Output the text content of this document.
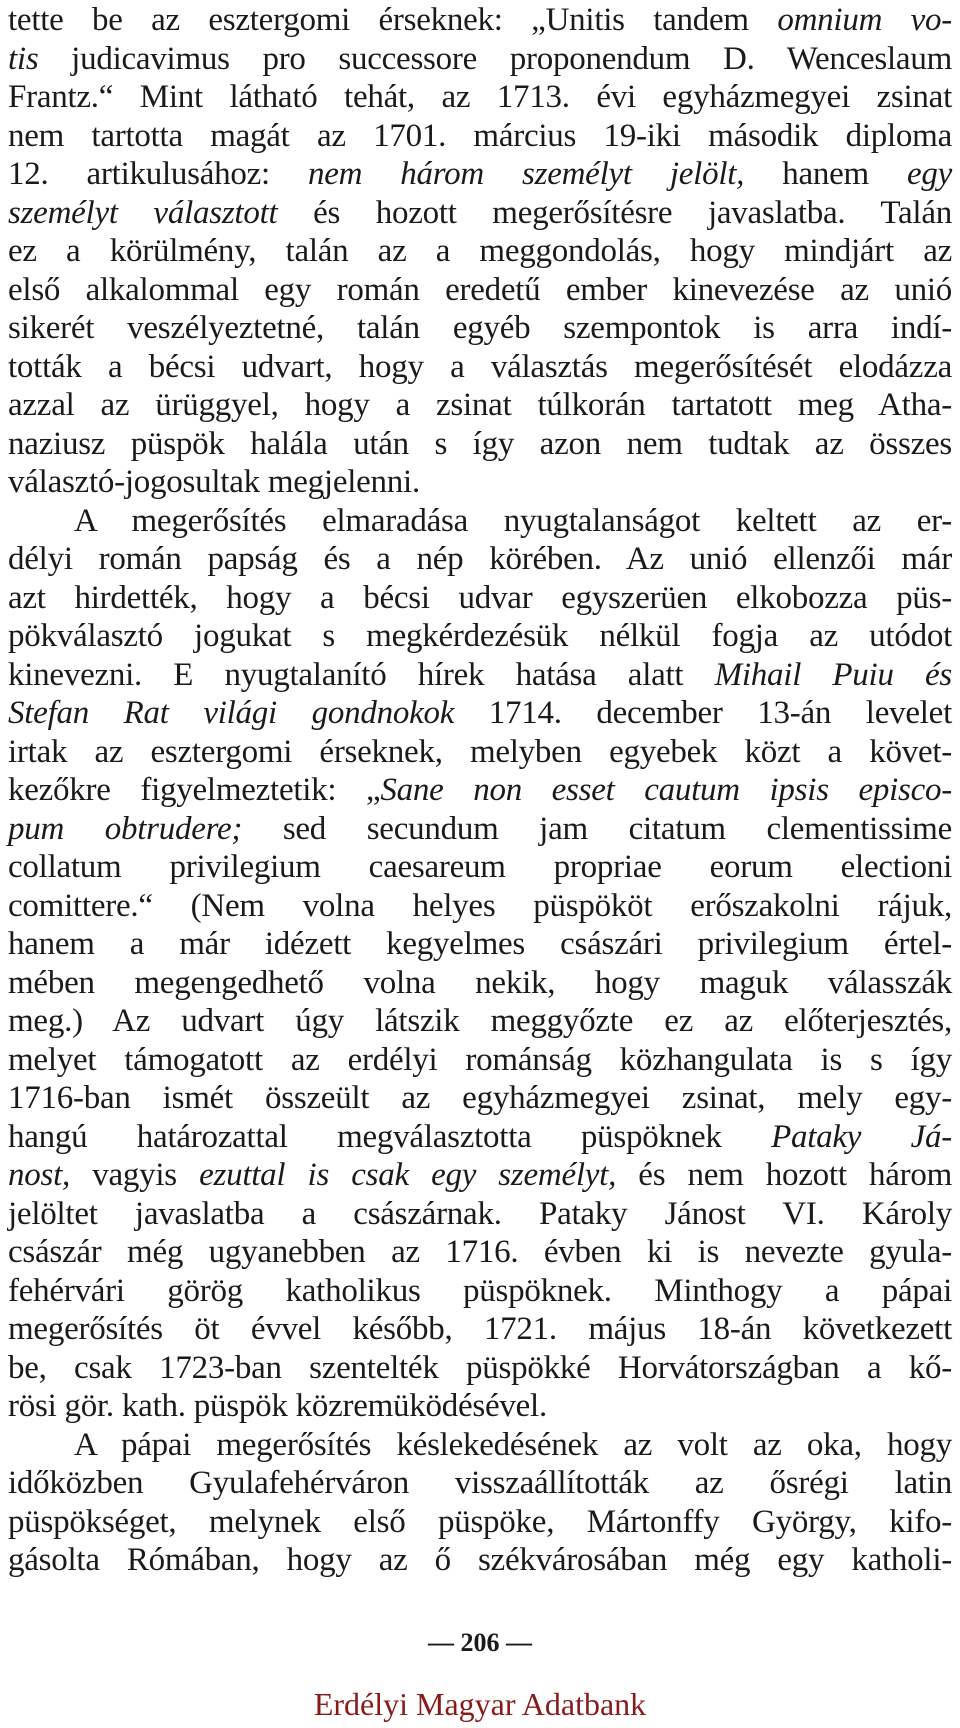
tette be az esztergomi érseknek: „Unitis tandem omnium vo-
tis judicavimus pro successore proponendum D. Wenceslaum
Frantz.“ Mint látható tehát, az 1713. évi egyházmegyei zsinat
nem tartotta magát az 1701. március 19-iki második diploma
12. artikulusához: nem három személyt jelölt, hanem egy
személyt választott és hozott megerősítésre javaslatba. Talán
ez a körülmény, talán az a meggondolás, hogy mindjárt az
első alkalommal egy román eredetű ember kinevezése az unió
sikerét veszélyeztetné, talán egyéb szempontok is arra indí-
tották a bécsi udvart, hogy a választás megerősítését elodázza
azzal az ürüggyel, hogy a zsinat túlkorán tartatott meg Atha-
naziusz püspök halála után s így azon nem tudtak az összes
választó-jogosultak megjelenni.
A megerősítés elmaradása nyugtalanságot keltett az er-
délyi román papság és a nép körében. Az unió ellenzői már
azt hirdették, hogy a bécsi udvar egyszerüen elkobozza püs-
pökválasztó jogukat s megkérdezésük nélkül fogja az utódot
kinevezni. E nyugtalanító hírek hatása alatt Mihail Puiu és
Stefan Rat világi gondnokok 1714. december 13-án levelet
irtak az esztergomi érseknek, melyben egyebek közt a követ-
kezőkre figyelmeztetik: „Sane non esset cautum ipsis episco-
pum obtrudere; sed secundum jam citatum clementissime
collatum privilegium caesareum propriae eorum electioni
comittere.“ (Nem volna helyes püspököt erőszakolni rájuk,
hanem a már idézett kegyelmes császári privilegium értel-
mében megengedhető volna nekik, hogy maguk válasszák
meg.) Az udvart úgy látszik meggyőzte ez az előterjesztés,
melyet támogatott az erdélyi románság közhangulata is s így
1716-ban ismét összeült az egyházmegyei zsinat, mely egy-
hangú határozattal megválasztotta püspöknek Pataky Já-
nost, vagyis ezuttal is csak egy személyt, és nem hozott három
jelöltet javaslatba a császárnak. Pataky Jánost VI. Károly
császár még ugyanebben az 1716. évben ki is nevezte gyula-
fehérvári görög katholikus püspöknek. Minthogy a pápai
megerősítés öt évvel később, 1721. május 18-án következett
be, csak 1723-ban szentelték püspökké Horvátországban a kő-
rösi gör. kath. püspök közremüködésével.
A pápai megerősítés késlekedésének az volt az oka, hogy
időközben Gyulafehérváron visszaállították az ősrégi latin
püspökséget, melynek első püspöke, Mártonffy György, kifo-
gásolta Rómában, hogy az ő székvárosában még egy katholi-
— 206 —
Erdélyi Magyar Adatbank
